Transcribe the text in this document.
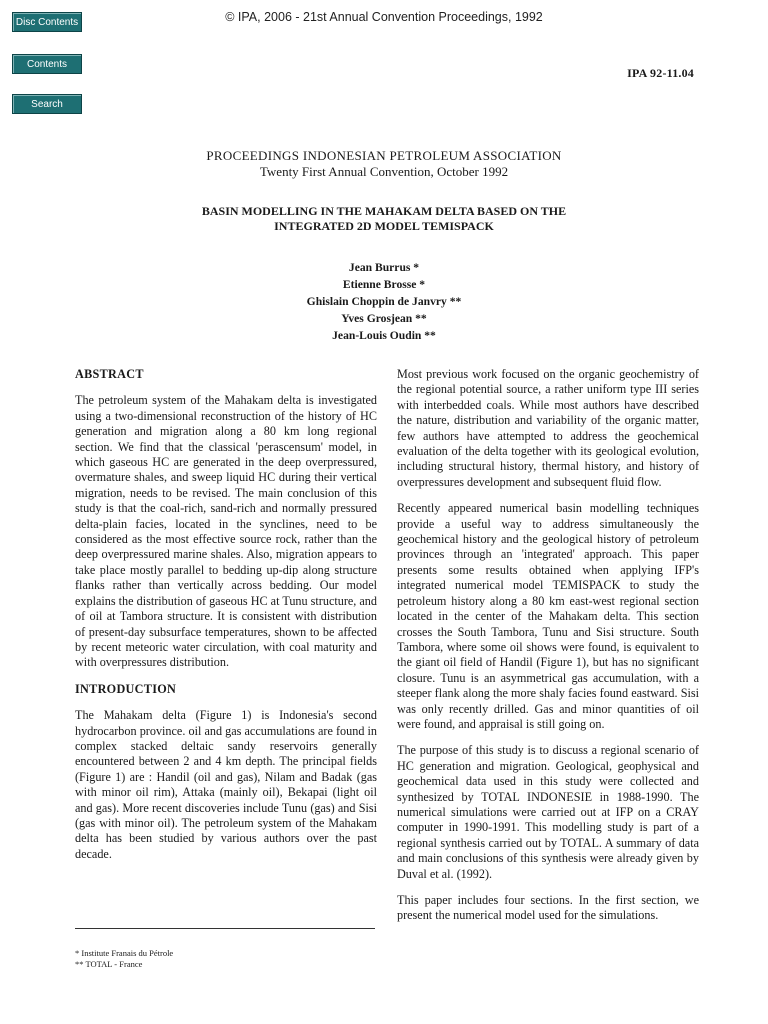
Disc Contents
Contents
Search
© IPA, 2006 - 21st Annual Convention Proceedings, 1992
IPA 92-11.04
PROCEEDINGS INDONESIAN PETROLEUM ASSOCIATION
Twenty First Annual Convention, October 1992
BASIN MODELLING IN THE MAHAKAM DELTA BASED ON THE
INTEGRATED 2D MODEL TEMISPACK
Jean Burrus *
Etienne Brosse *
Ghislain Choppin de Janvry **
Yves Grosjean **
Jean-Louis Oudin **
ABSTRACT

The petroleum system of the Mahakam delta is investigated using a two-dimensional reconstruction of the history of HC generation and migration along a 80 km long regional section. We find that the classical 'perascensum' model, in which gaseous HC are generated in the deep overpressured, overmature shales, and sweep liquid HC during their vertical migration, needs to be revised. The main conclusion of this study is that the coal-rich, sand-rich and normally pressured delta-plain facies, located in the synclines, need to be considered as the most effective source rock, rather than the deep overpressured marine shales. Also, migration appears to take place mostly parallel to bedding up-dip along structure flanks rather than vertically across bedding. Our model explains the distribution of gaseous HC at Tunu structure, and of oil at Tambora structure. It is consistent with distribution of present-day subsurface temperatures, shown to be affected by recent meteoric water circulation, with coal maturity and with overpressures distribution.

INTRODUCTION

The Mahakam delta (Figure 1) is Indonesia's second hydrocarbon province. oil and gas accumulations are found in complex stacked deltaic sandy reservoirs generally encountered between 2 and 4 km depth. The principal fields (Figure 1) are : Handil (oil and gas), Nilam and Badak (gas with minor oil rim), Attaka (mainly oil), Bekapai (light oil and gas). More recent discoveries include Tunu (gas) and Sisi (gas with minor oil). The petroleum system of the Mahakam delta has been studied by various authors over the past decade.

* Institute Franais du Pétrole
** TOTAL - France

Most previous work focused on the organic geochemistry of the regional potential source, a rather uniform type III series with interbedded coals. While most authors have described the nature, distribution and variability of the organic matter, few authors have attempted to address the geochemical evaluation of the delta together with its geological evolution, including structural history, thermal history, and history of overpressures development and subsequent fluid flow.

Recently appeared numerical basin modelling techniques provide a useful way to address simultaneously the geochemical history and the geological history of petroleum provinces through an 'integrated' approach. This paper presents some results obtained when applying IFP's integrated numerical model TEMISPACK to study the petroleum history along a 80 km east-west regional section located in the center of the Mahakam delta. This section crosses the South Tambora, Tunu and Sisi structure. South Tambora, where some oil shows were found, is equivalent to the giant oil field of Handil (Figure 1), but has no significant closure. Tunu is an asymmetrical gas accumulation, with a steeper flank along the more shaly facies found eastward. Sisi was only recently drilled. Gas and minor quantities of oil were found, and appraisal is still going on.

The purpose of this study is to discuss a regional scenario of HC generation and migration. Geological, geophysical and geochemical data used in this study were collected and synthesized by TOTAL INDONESIE in 1988-1990. The numerical simulations were carried out at IFP on a CRAY computer in 1990-1991. This modelling study is part of a regional synthesis carried out by TOTAL. A summary of data and main conclusions of this synthesis were already given by Duval et al. (1992).

This paper includes four sections. In the first section, we present the numerical model used for the simulations.
